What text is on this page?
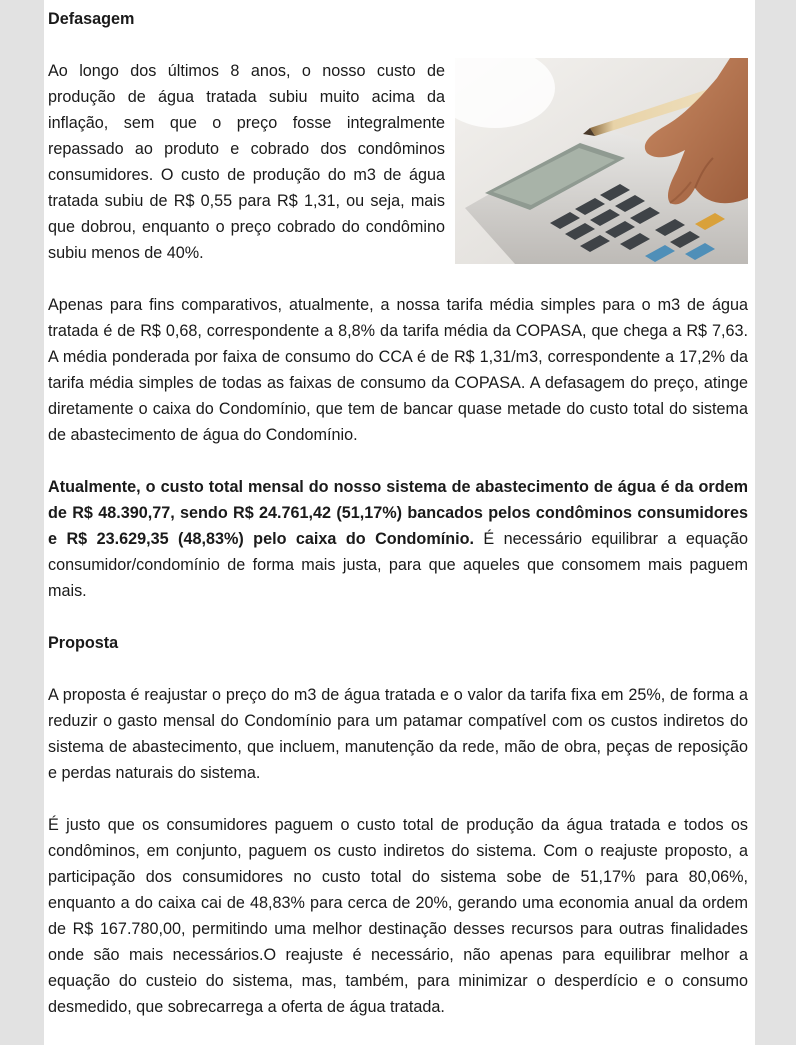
Defasagem

Ao longo dos últimos 8 anos, o nosso custo de produção de água tratada subiu muito acima da inflação, sem que o preço fosse integralmente repassado ao produto e cobrado dos condôminos consumidores. O custo de produção do m3 de água tratada subiu de R$ 0,55 para R$ 1,31, ou seja, mais que dobrou, enquanto o preço cobrado do condômino subiu menos de 40%.

Apenas para fins comparativos, atualmente, a nossa tarifa média simples para o m3 de água tratada é de R$ 0,68, correspondente a 8,8% da tarifa média da COPASA, que chega a R$ 7,63. A média ponderada por faixa de consumo do CCA é de R$ 1,31/m3, correspondente a 17,2% da tarifa média simples de todas as faixas de consumo da COPASA. A defasagem do preço, atinge diretamente o caixa do Condomínio, que tem de bancar quase metade do custo total do sistema de abastecimento de água do Condomínio.

Atualmente, o custo total mensal do nosso sistema de abastecimento de água é da ordem de R$ 48.390,77, sendo R$ 24.761,42 (51,17%) bancados pelos condôminos consumidores e R$ 23.629,35 (48,83%) pelo caixa do Condomínio. É necessário equilibrar a equação consumidor/condomínio de forma mais justa, para que aqueles que consomem mais paguem mais.

Proposta

A proposta é reajustar o preço do m3 de água tratada e o valor da tarifa fixa em 25%, de forma a reduzir o gasto mensal do Condomínio para um patamar compatível com os custos indiretos do sistema de abastecimento, que incluem, manutenção da rede, mão de obra, peças de reposição e perdas naturais do sistema.

É justo que os consumidores paguem o custo total de produção da água tratada e todos os condôminos, em conjunto, paguem os custo indiretos do sistema. Com o reajuste proposto, a participação dos consumidores no custo total do sistema sobe de 51,17% para 80,06%, enquanto a do caixa cai de 48,83% para cerca de 20%, gerando uma economia anual da ordem de R$ 167.780,00, permitindo uma melhor destinação desses recursos para outras finalidades onde são mais necessários.O reajuste é necessário, não apenas para equilibrar melhor a equação do custeio do sistema, mas, também, para minimizar o desperdício e o consumo desmedido, que sobrecarrega a oferta de água tratada.
